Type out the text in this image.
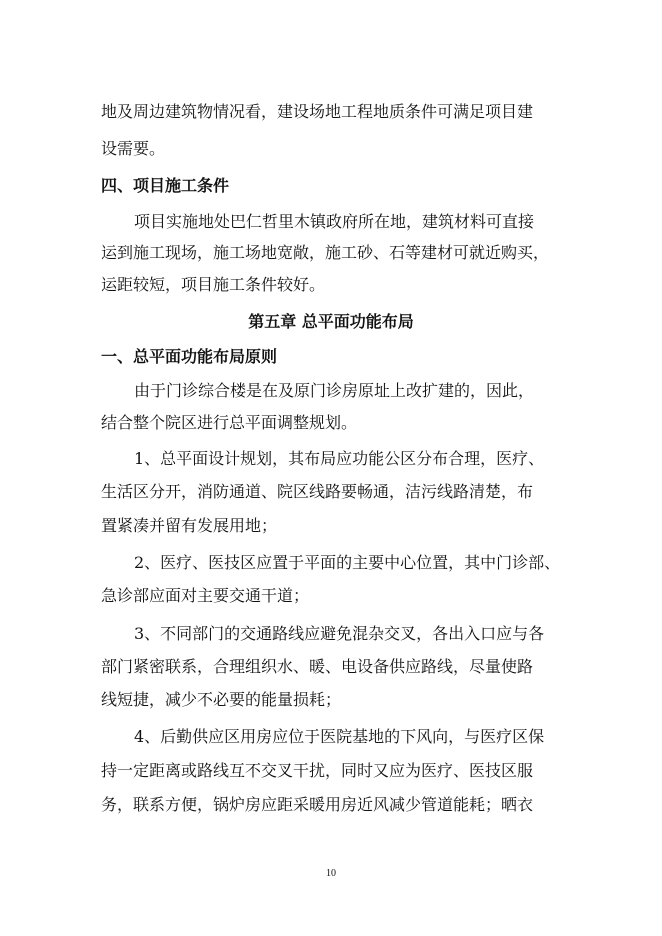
地及周边建筑物情况看，建设场地工程地质条件可满足项目建

设需要。

四、项目施工条件

项目实施地处巴仁哲里木镇政府所在地，建筑材料可直接

运到施工现场，施工场地宽敞，施工砂、石等建材可就近购买，

运距较短，项目施工条件较好。

第五章 总平面功能布局

一、总平面功能布局原则

由于门诊综合楼是在及原门诊房原址上改扩建的，因此，

结合整个院区进行总平面调整规划。

1、总平面设计规划，其布局应功能公区分布合理，医疗、

生活区分开，消防通道、院区线路要畅通，洁污线路清楚，布

置紧凑并留有发展用地；

2、医疗、医技区应置于平面的主要中心位置，其中门诊部、

急诊部应面对主要交通干道；

3、不同部门的交通路线应避免混杂交叉，各出入口应与各

部门紧密联系，合理组织水、暖、电设备供应路线，尽量使路

线短捷，减少不必要的能量损耗；

4、后勤供应区用房应位于医院基地的下风向，与医疗区保

持一定距离或路线互不交叉干扰，同时又应为医疗、医技区服

务，联系方便，锅炉房应距采暖用房近风减少管道能耗；晒衣

10
